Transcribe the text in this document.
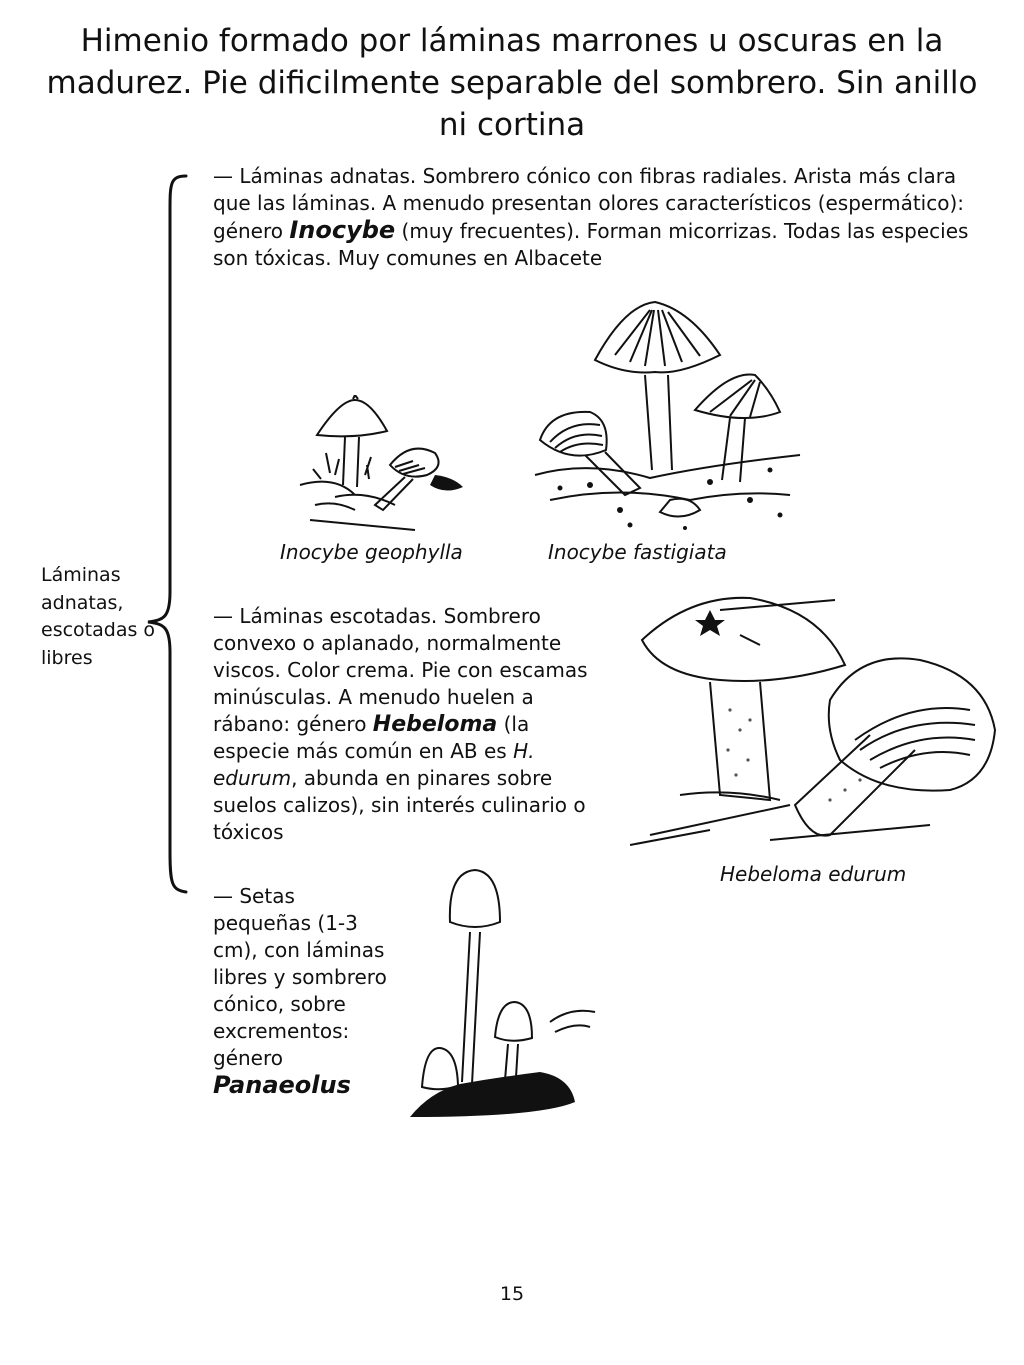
Himenio formado por láminas marrones u oscuras en la madurez. Pie dificilmente separable del sombrero. Sin anillo ni cortina
Láminas adnatas, escotadas o libres
— Láminas adnatas. Sombrero cónico con fibras radiales. Arista más clara que las láminas. A menudo presentan olores característicos (espermático): género Inocybe (muy frecuentes). Forman micorrizas. Todas las especies son tóxicas. Muy comunes en Albacete
Inocybe geophylla	Inocybe fastigiata
— Láminas escotadas. Sombrero convexo o aplanado, normalmente viscos. Color crema. Pie con escamas minúsculas. A menudo huelen a rábano: género Hebeloma (la especie más común en AB es H. edurum, abunda en pinares sobre suelos calizos), sin interés culinario o tóxicos
Hebeloma edurum
— Setas pequeñas (1-3 cm), con láminas libres y sombrero cónico, sobre excrementos: género Panaeolus
15
